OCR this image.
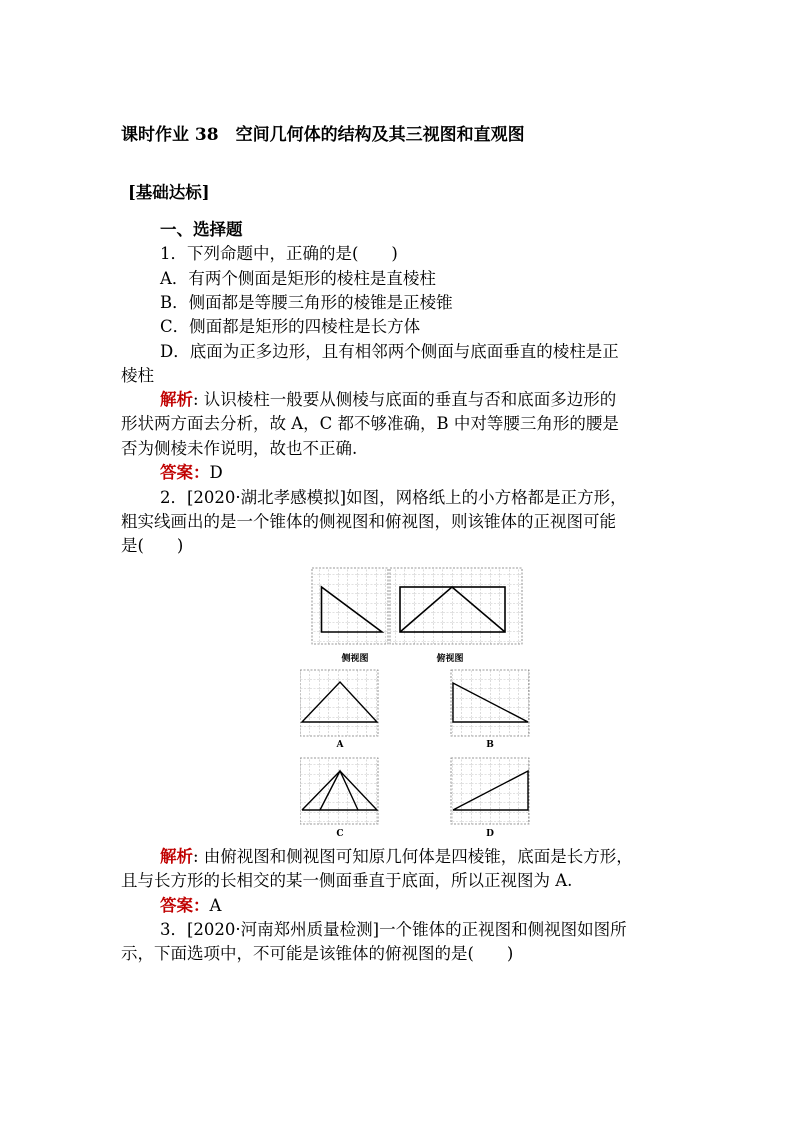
课时作业 38　空间几何体的结构及其三视图和直观图
[基础达标]
一、选择题
1．下列命题中，正确的是(　　)
A．有两个侧面是矩形的棱柱是直棱柱
B．侧面都是等腰三角形的棱锥是正棱锥
C．侧面都是矩形的四棱柱是长方体
D．底面为正多边形，且有相邻两个侧面与底面垂直的棱柱是正
棱柱
解析: 认识棱柱一般要从侧棱与底面的垂直与否和底面多边形的
形状两方面去分析，故 A，C 都不够准确，B 中对等腰三角形的腰是
否为侧棱未作说明，故也不正确.
答案：D
2．[2020·湖北孝感模拟]如图，网格纸上的小方格都是正方形，
粗实线画出的是一个锥体的侧视图和俯视图，则该锥体的正视图可能
是(　　)
侧视图	俯视图
A	B
C	D
解析: 由俯视图和侧视图可知原几何体是四棱锥，底面是长方形，
且与长方形的长相交的某一侧面垂直于底面，所以正视图为 A.
答案：A
3．[2020·河南郑州质量检测]一个锥体的正视图和侧视图如图所
示，下面选项中，不可能是该锥体的俯视图的是(　　)
